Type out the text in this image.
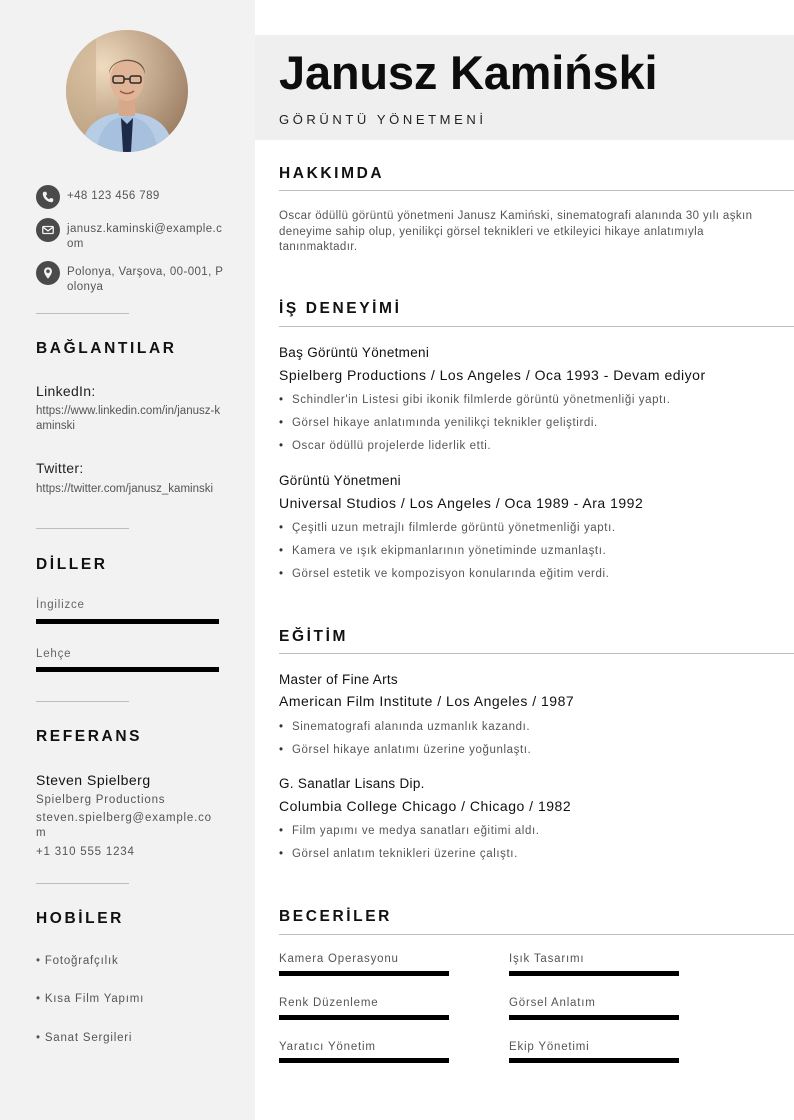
+48 123 456 789
janusz.kaminski@example.com
Polonya, Varşova, 00-001, Polonya
BAĞLANTILAR
LinkedIn:
https://www.linkedin.com/in/janusz-kaminski
Twitter:
https://twitter.com/janusz_kaminski
DİLLER
İngilizce
Lehçe
REFERANS
Steven Spielberg
Spielberg Productions
steven.spielberg@example.com
+1 310 555 1234
HOBİLER
• Fotoğrafçılık
• Kısa Film Yapımı
• Sanat Sergileri
Janusz Kamiński
GÖRÜNTÜ YÖNETMENİ
HAKKIMDA
Oscar ödüllü görüntü yönetmeni Janusz Kamiński, sinematografi alanında 30 yılı aşkın deneyime sahip olup, yenilikçi görsel teknikleri ve etkileyici hikaye anlatımıyla tanınmaktadır.
İŞ DENEYİMİ
Baş Görüntü Yönetmeni
Spielberg Productions / Los Angeles / Oca 1993 - Devam ediyor
• Schindler'in Listesi gibi ikonik filmlerde görüntü yönetmenliği yaptı.
• Görsel hikaye anlatımında yenilikçi teknikler geliştirdi.
• Oscar ödüllü projelerde liderlik etti.
Görüntü Yönetmeni
Universal Studios / Los Angeles / Oca 1989 - Ara 1992
• Çeşitli uzun metrajlı filmlerde görüntü yönetmenliği yaptı.
• Kamera ve ışık ekipmanlarının yönetiminde uzmanlaştı.
• Görsel estetik ve kompozisyon konularında eğitim verdi.
EĞİTİM
Master of Fine Arts
American Film Institute / Los Angeles / 1987
• Sinematografi alanında uzmanlık kazandı.
• Görsel hikaye anlatımı üzerine yoğunlaştı.
G. Sanatlar Lisans Dip.
Columbia College Chicago / Chicago / 1982
• Film yapımı ve medya sanatları eğitimi aldı.
• Görsel anlatım teknikleri üzerine çalıştı.
BECERİLER
Kamera Operasyonu	Işık Tasarımı
Renk Düzenleme	Görsel Anlatım
Yaratıcı Yönetim	Ekip Yönetimi
